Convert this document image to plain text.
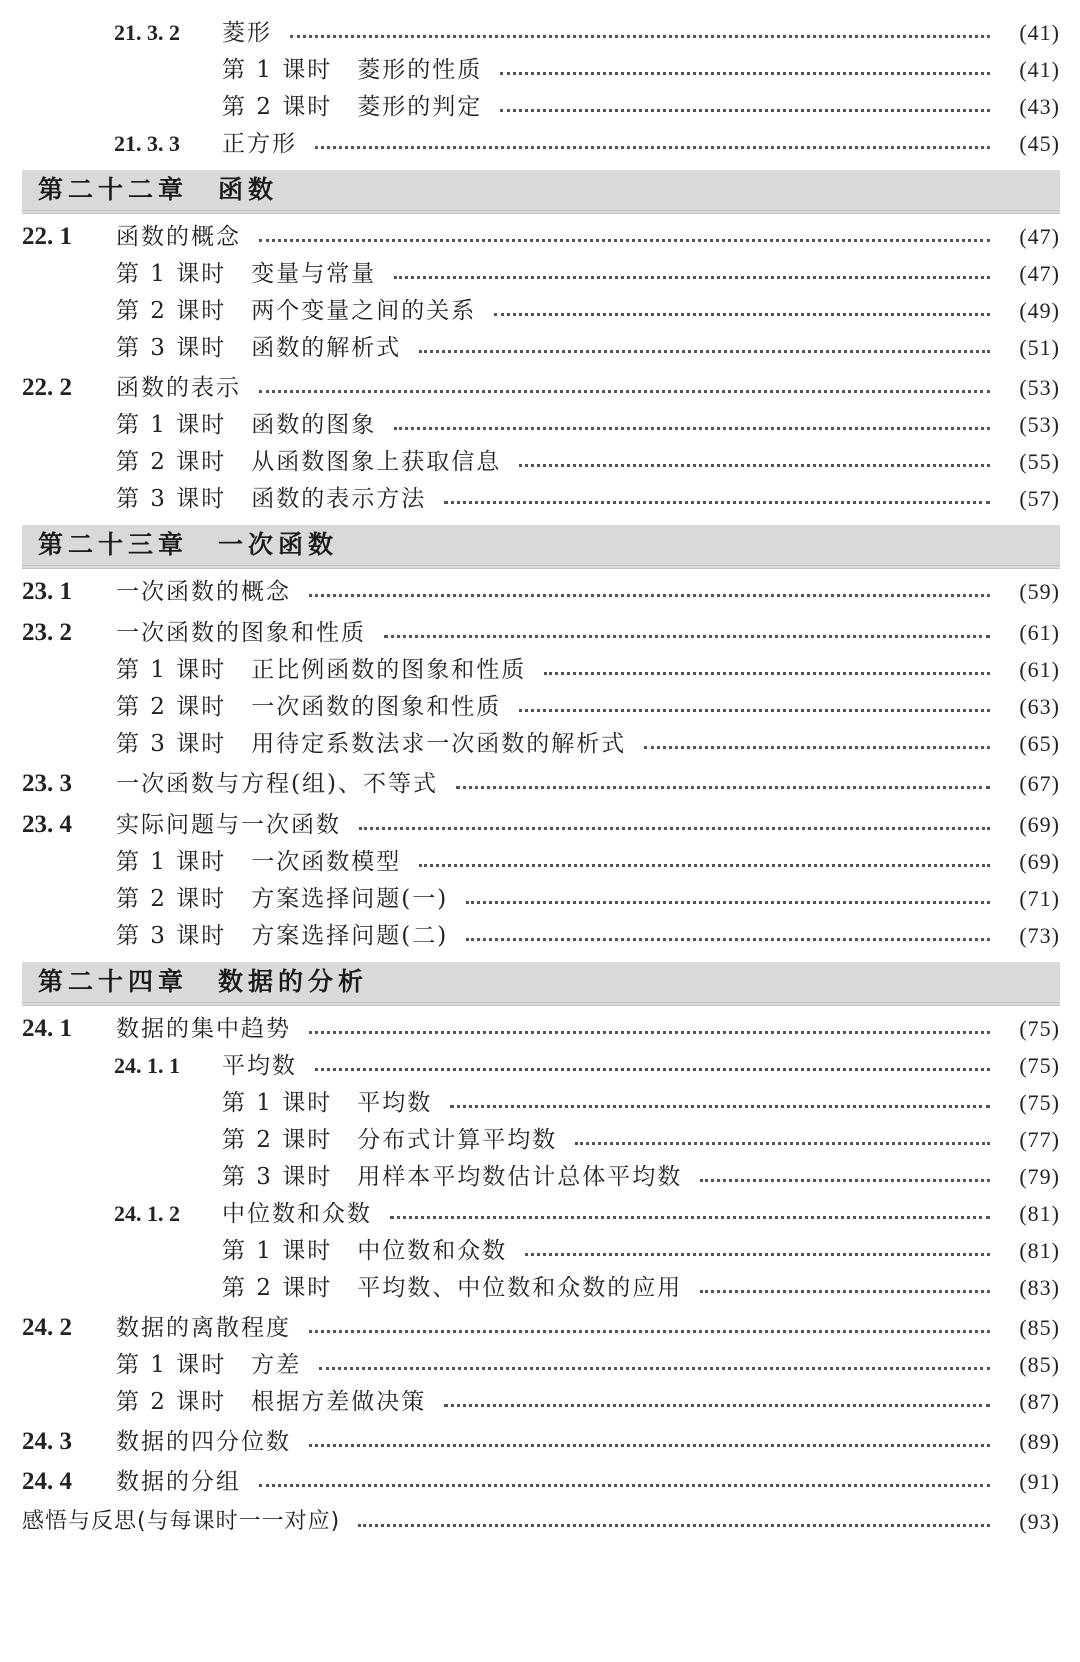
21. 3. 2 菱形	(41)
第 1 课时　菱形的性质	(41)
第 2 课时　菱形的判定	(43)
21. 3. 3 正方形	(45)
第二十二章　函数
22. 1 函数的概念	(47)
第 1 课时　变量与常量	(47)
第 2 课时　两个变量之间的关系	(49)
第 3 课时　函数的解析式	(51)
22. 2 函数的表示	(53)
第 1 课时　函数的图象	(53)
第 2 课时　从函数图象上获取信息	(55)
第 3 课时　函数的表示方法	(57)
第二十三章　一次函数
23. 1 一次函数的概念	(59)
23. 2 一次函数的图象和性质	(61)
第 1 课时　正比例函数的图象和性质	(61)
第 2 课时　一次函数的图象和性质	(63)
第 3 课时　用待定系数法求一次函数的解析式	(65)
23. 3 一次函数与方程(组)、不等式	(67)
23. 4 实际问题与一次函数	(69)
第 1 课时　一次函数模型	(69)
第 2 课时　方案选择问题(一)	(71)
第 3 课时　方案选择问题(二)	(73)
第二十四章　数据的分析
24. 1 数据的集中趋势	(75)
24. 1. 1 平均数	(75)
第 1 课时　平均数	(75)
第 2 课时　分布式计算平均数	(77)
第 3 课时　用样本平均数估计总体平均数	(79)
24. 1. 2 中位数和众数	(81)
第 1 课时　中位数和众数	(81)
第 2 课时　平均数、中位数和众数的应用	(83)
24. 2 数据的离散程度	(85)
第 1 课时　方差	(85)
第 2 课时　根据方差做决策	(87)
24. 3 数据的四分位数	(89)
24. 4 数据的分组	(91)
感悟与反思(与每课时一一对应)	(93)
